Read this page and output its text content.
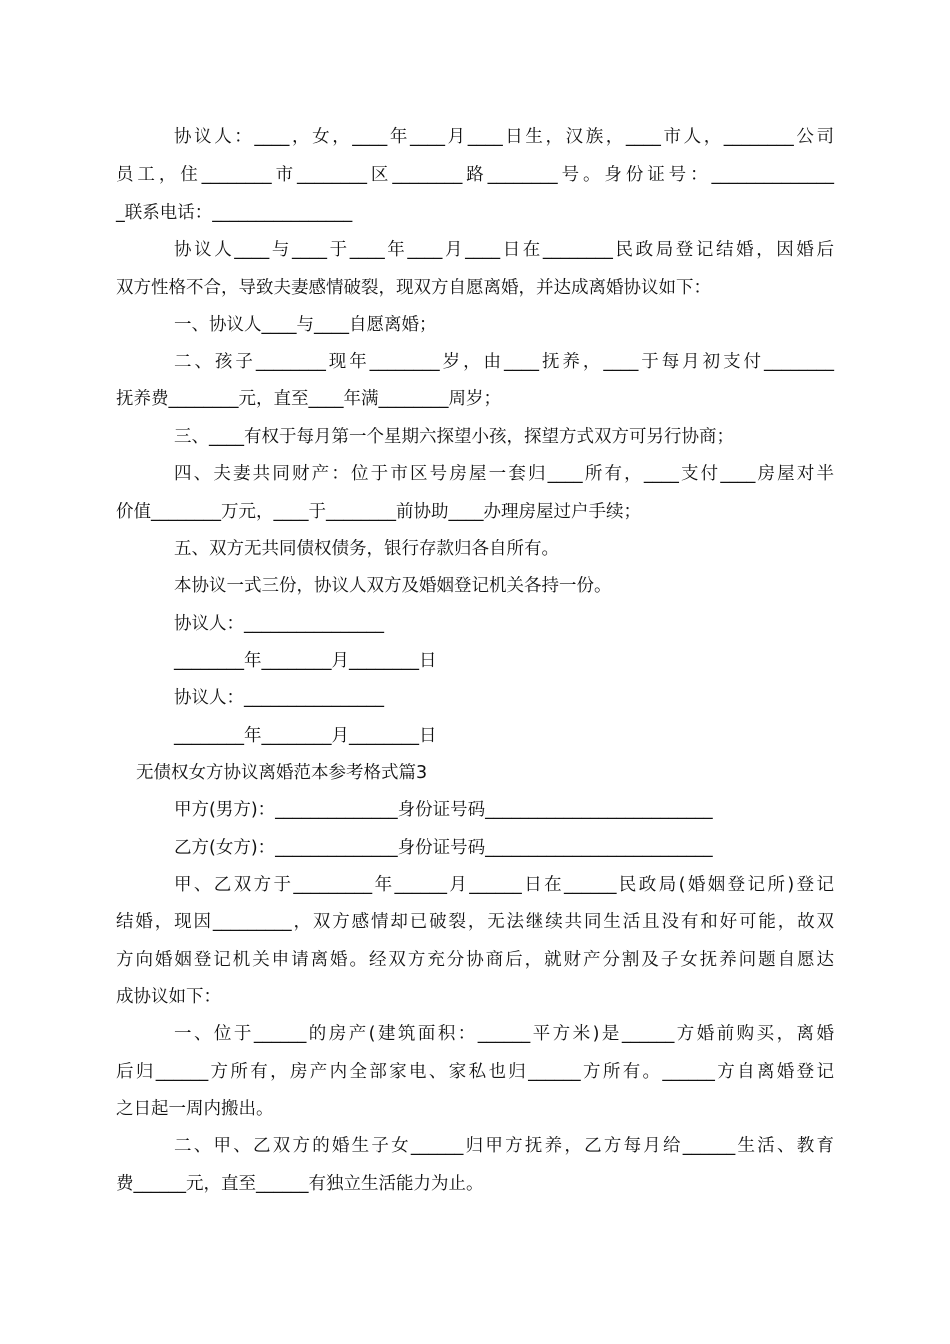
协议人：____，女，____年____月____日生，汉族，____市人，________公司
员工，住________市________区________路________号。身份证号：______________
_联系电话：________________
协议人____与____于____年____月____日在________民政局登记结婚，因婚后
双方性格不合，导致夫妻感情破裂，现双方自愿离婚，并达成离婚协议如下：
一、协议人____与____自愿离婚；
二、孩子________现年________岁，由____抚养，____于每月初支付________
抚养费________元，直至____年满________周岁；
三、____有权于每月第一个星期六探望小孩，探望方式双方可另行协商；
四、夫妻共同财产：位于市区号房屋一套归____所有，____支付____房屋对半
价值________万元，____于________前协助____办理房屋过户手续；
五、双方无共同债权债务，银行存款归各自所有。
本协议一式三份，协议人双方及婚姻登记机关各持一份。
协议人：________________
________年________月________日
协议人：________________
________年________月________日
无债权女方协议离婚范本参考格式篇3
甲方(男方)：______________身份证号码__________________________
乙方(女方)：______________身份证号码__________________________
甲、乙双方于_________年______月______日在______民政局(婚姻登记所)登记
结婚，现因_________，双方感情却已破裂，无法继续共同生活且没有和好可能，故双
方向婚姻登记机关申请离婚。经双方充分协商后，就财产分割及子女抚养问题自愿达
成协议如下：
一、位于______的房产(建筑面积：______平方米)是______方婚前购买，离婚
后归______方所有，房产内全部家电、家私也归______方所有。______方自离婚登记
之日起一周内搬出。
二、甲、乙双方的婚生子女______归甲方抚养，乙方每月给______生活、教育
费______元，直至______有独立生活能力为止。
